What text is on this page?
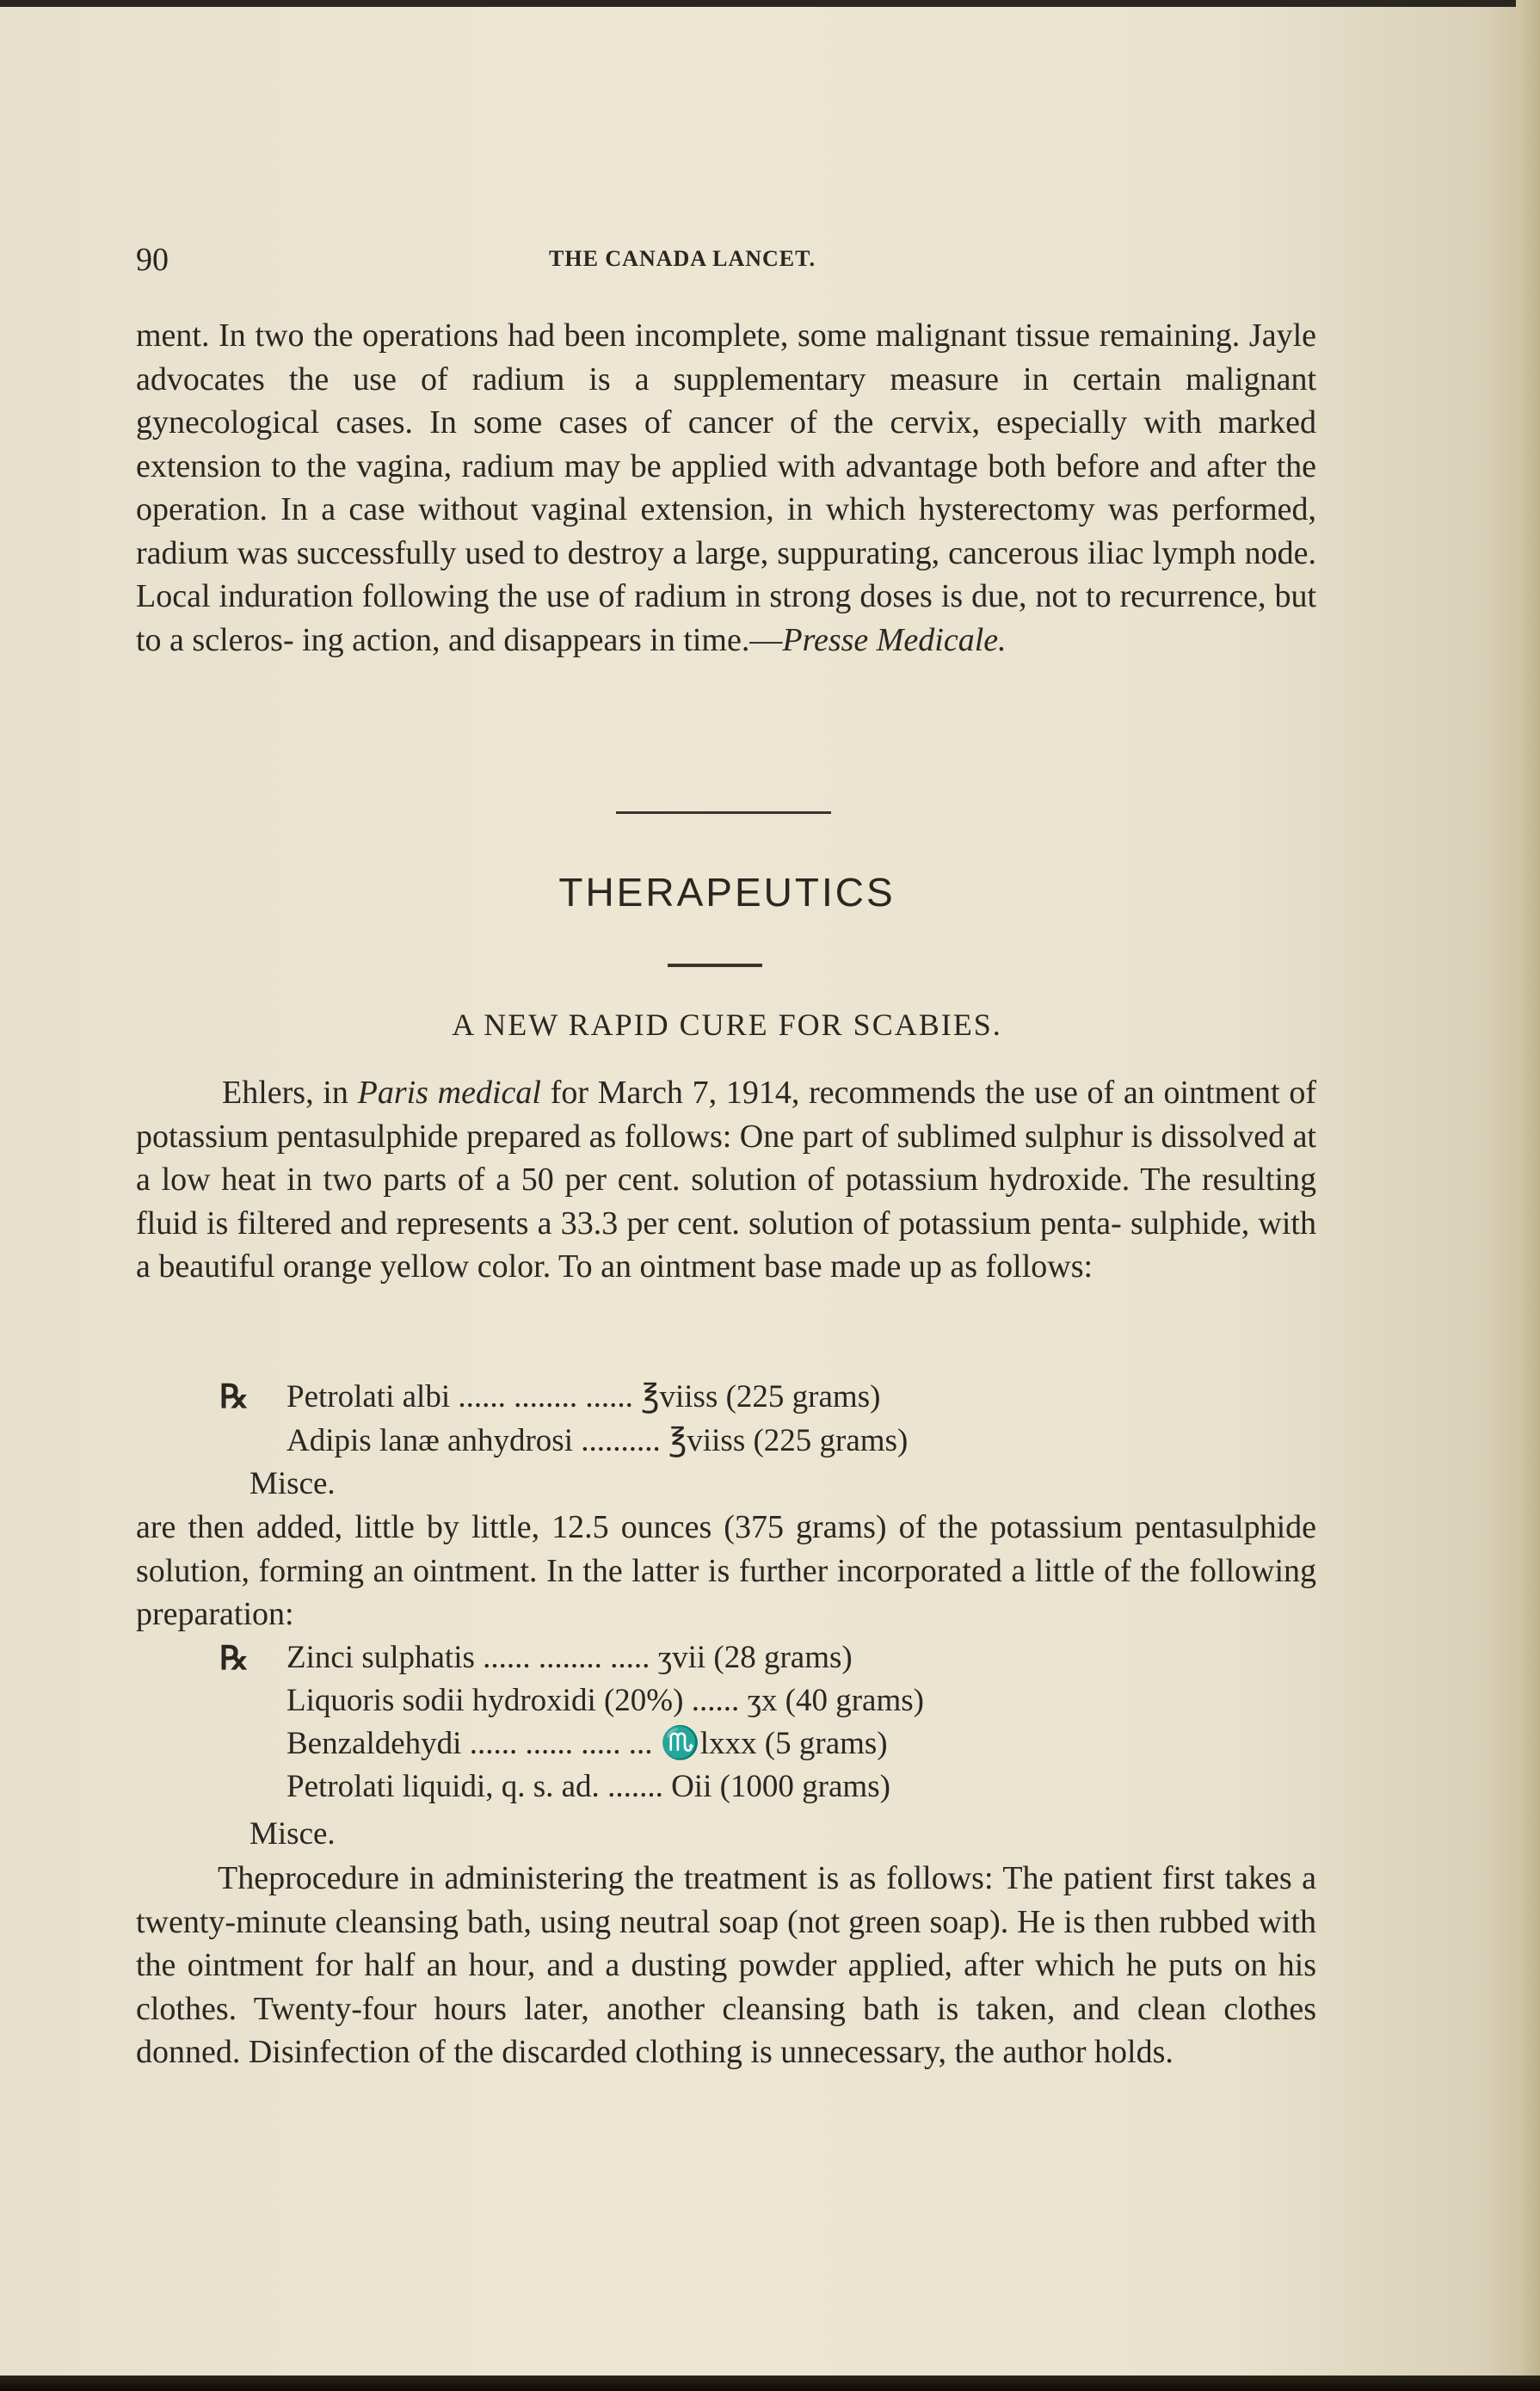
90	THE CANADA LANCET.

ment. In two the operations had been incomplete, some malignant tissue remaining. Jayle advocates the use of radium is a supplementary measure in certain malignant gynecological cases. In some cases of cancer of the cervix, especially with marked extension to the vagina, radium may be applied with advantage both before and after the operation. In a case without vaginal extension, in which hysterectomy was performed, radium was successfully used to destroy a large, suppurating, cancerous iliac lymph node. Local induration following the use of radium in strong doses is due, not to recurrence, but to a scleros- ing action, and disappears in time.—Presse Medicale.

THERAPEUTICS
A NEW RAPID CURE FOR SCABIES.

Ehlers, in Paris medical for March 7, 1914, recommends the use of an ointment of potassium pentasulphide prepared as follows: One part of sublimed sulphur is dissolved at a low heat in two parts of a 50 per cent. solution of potassium hydroxide. The resulting fluid is filtered and represents a 33.3 per cent. solution of potassium penta- sulphide, with a beautiful orange yellow color. To an ointment base made up as follows:

℞ Petrolati albi ...... ........ ...... ℥viiss (225 grams)
Adipis lanæ anhydrosi .......... ℥viiss (225 grams)
Misce.

are then added, little by little, 12.5 ounces (375 grams) of the potassium pentasulphide solution, forming an ointment. In the latter is further incorporated a little of the following preparation:

℞ Zinci sulphatis ...... ........ ..... ʒvii (28 grams)
Liquoris sodii hydroxidi (20%) ...... ʒx (40 grams)
Benzaldehydi ...... ...... ..... ... ♏lxxx (5 grams)
Petrolati liquidi, q. s. ad. ....... Oii (1000 grams)
Misce.

Theprocedure in administering the treatment is as follows: The patient first takes a twenty-minute cleansing bath, using neutral soap (not green soap). He is then rubbed with the ointment for half an hour, and a dusting powder applied, after which he puts on his clothes. Twenty-four hours later, another cleansing bath is taken, and clean clothes donned. Disinfection of the discarded clothing is unnecessary, the author holds.
